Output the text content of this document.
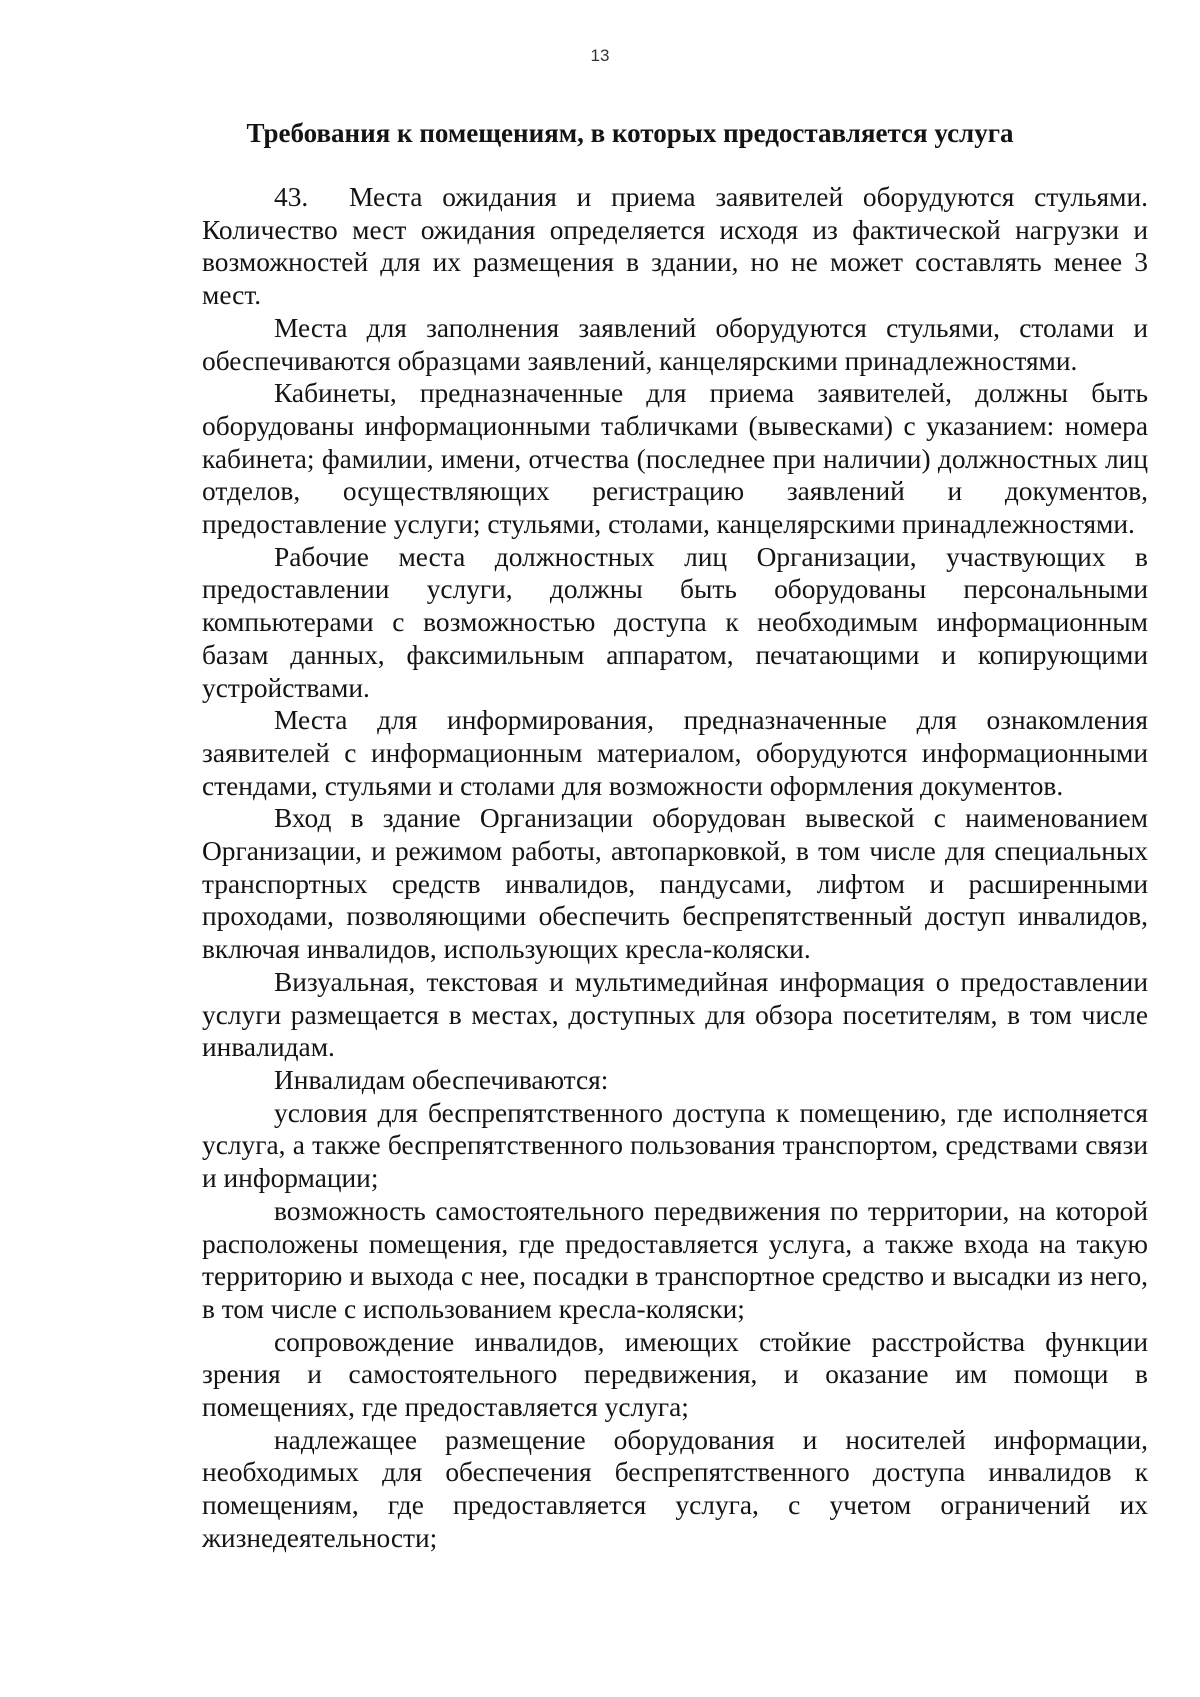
13
Требования к помещениям, в которых предоставляется услуга

43. Места ожидания и приема заявителей оборудуются стульями. Количество мест ожидания определяется исходя из фактической нагрузки и возможностей для их размещения в здании, но не может составлять менее 3 мест.

Места для заполнения заявлений оборудуются стульями, столами и обеспечиваются образцами заявлений, канцелярскими принадлежностями.

Кабинеты, предназначенные для приема заявителей, должны быть оборудованы информационными табличками (вывесками) с указанием: номера кабинета; фамилии, имени, отчества (последнее при наличии) должностных лиц отделов, осуществляющих регистрацию заявлений и документов, предоставление услуги; стульями, столами, канцелярскими принадлежностями.

Рабочие места должностных лиц Организации, участвующих в предоставлении услуги, должны быть оборудованы персональными компьютерами с возможностью доступа к необходимым информационным базам данных, факсимильным аппаратом, печатающими и копирующими устройствами.

Места для информирования, предназначенные для ознакомления заявителей с информационным материалом, оборудуются информационными стендами, стульями и столами для возможности оформления документов.

Вход в здание Организации оборудован вывеской с наименованием Организации, и режимом работы, автопарковкой, в том числе для специальных транспортных средств инвалидов, пандусами, лифтом и расширенными проходами, позволяющими обеспечить беспрепятственный доступ инвалидов, включая инвалидов, использующих кресла-коляски.

Визуальная, текстовая и мультимедийная информация о предоставлении услуги размещается в местах, доступных для обзора посетителям, в том числе инвалидам.

Инвалидам обеспечиваются:

условия для беспрепятственного доступа к помещению, где исполняется услуга, а также беспрепятственного пользования транспортом, средствами связи и информации;

возможность самостоятельного передвижения по территории, на которой расположены помещения, где предоставляется услуга, а также входа на такую территорию и выхода с нее, посадки в транспортное средство и высадки из него, в том числе с использованием кресла-коляски;

сопровождение инвалидов, имеющих стойкие расстройства функции зрения и самостоятельного передвижения, и оказание им помощи в помещениях, где предоставляется услуга;

надлежащее размещение оборудования и носителей информации, необходимых для обеспечения беспрепятственного доступа инвалидов к помещениям, где предоставляется услуга, с учетом ограничений их жизнедеятельности;
